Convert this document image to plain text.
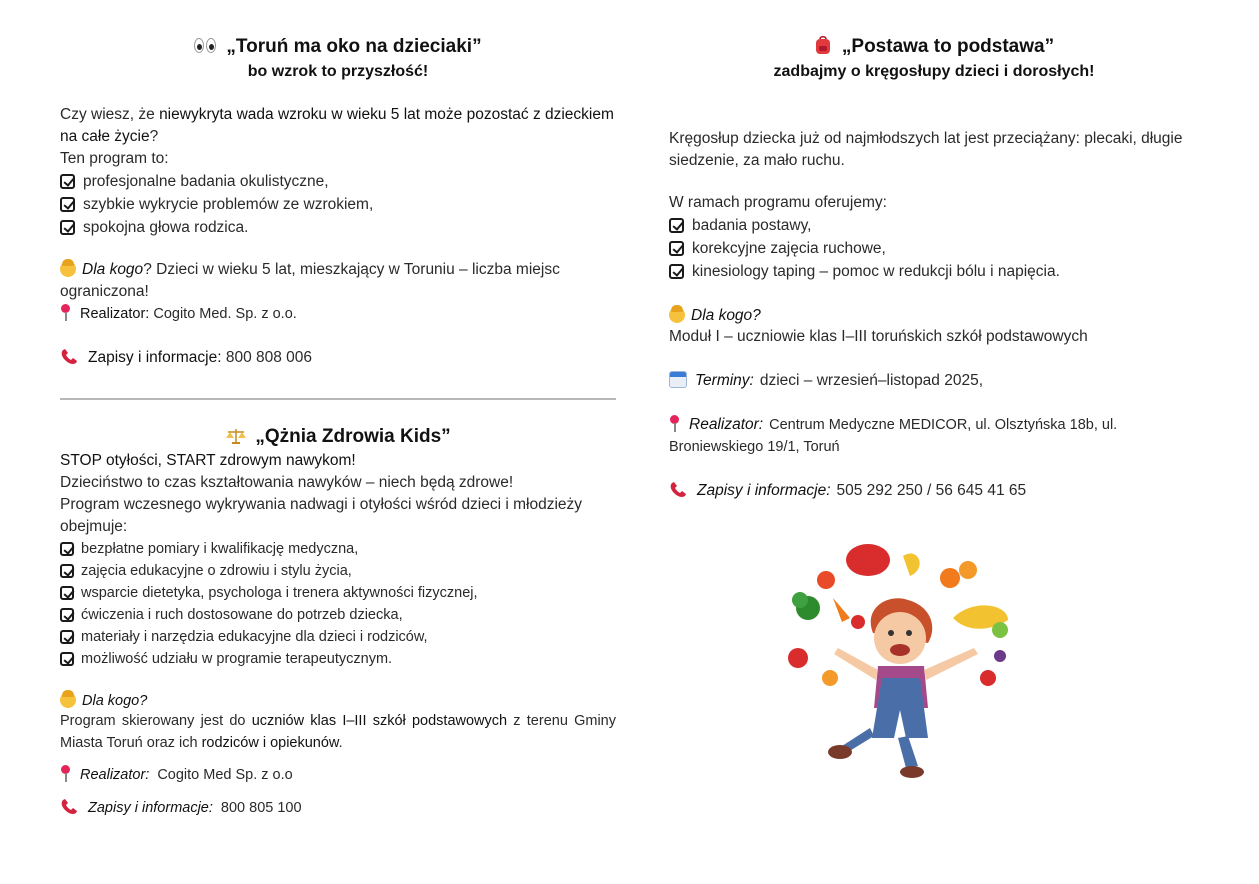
„Toruń ma oko na dzieciaki”
bo wzrok to przyszłość!
Czy wiesz, że niewykryta wada wzroku w wieku 5 lat może pozostać z dzieckiem na całe życie?
Ten program to:
profesjonalne badania okulistyczne,
szybkie wykrycie problemów ze wzrokiem,
spokojna głowa rodzica.
Dla kogo? Dzieci w wieku 5 lat, mieszkający w Toruniu – liczba miejsc ograniczona!
Realizator: Cogito Med. Sp. z o.o.
Zapisy i informacje: 800 808 006
„Qżnia Zdrowia Kids”
STOP otyłości, START zdrowym nawykom!
Dzieciństwo to czas kształtowania nawyków – niech będą zdrowe!
Program wczesnego wykrywania nadwagi i otyłości wśród dzieci i młodzieży obejmuje:
bezpłatne pomiary i kwalifikację medyczna,
zajęcia edukacyjne o zdrowiu i stylu życia,
wsparcie dietetyka, psychologa i trenera aktywności fizycznej,
ćwiczenia i ruch dostosowane do potrzeb dziecka,
materiały i narzędzia edukacyjne dla dzieci i rodziców,
możliwość udziału w programie terapeutycznym.
Dla kogo?
Program skierowany jest do uczniów klas I–III szkół podstawowych z terenu Gminy Miasta Toruń oraz ich rodziców i opiekunów.
Realizator: Cogito Med Sp. z o.o
Zapisy i informacje: 800 805 100
„Postawa to podstawa”
zadbajmy o kręgosłupy dzieci i dorosłych!
Kręgosłup dziecka już od najmłodszych lat jest przeciążany: plecaki, długie siedzenie, za mało ruchu.
W ramach programu oferujemy:
badania postawy,
korekcyjne zajęcia ruchowe,
kinesiology taping – pomoc w redukcji bólu i napięcia.
Dla kogo?
Moduł I – uczniowie klas I–III toruńskich szkół podstawowych
Terminy: dzieci – wrzesień–listopad 2025,
Realizator: Centrum Medyczne MEDICOR, ul. Olsztyńska 18b, ul. Broniewskiego 19/1, Toruń
Zapisy i informacje: 505 292 250 / 56 645 41 65
